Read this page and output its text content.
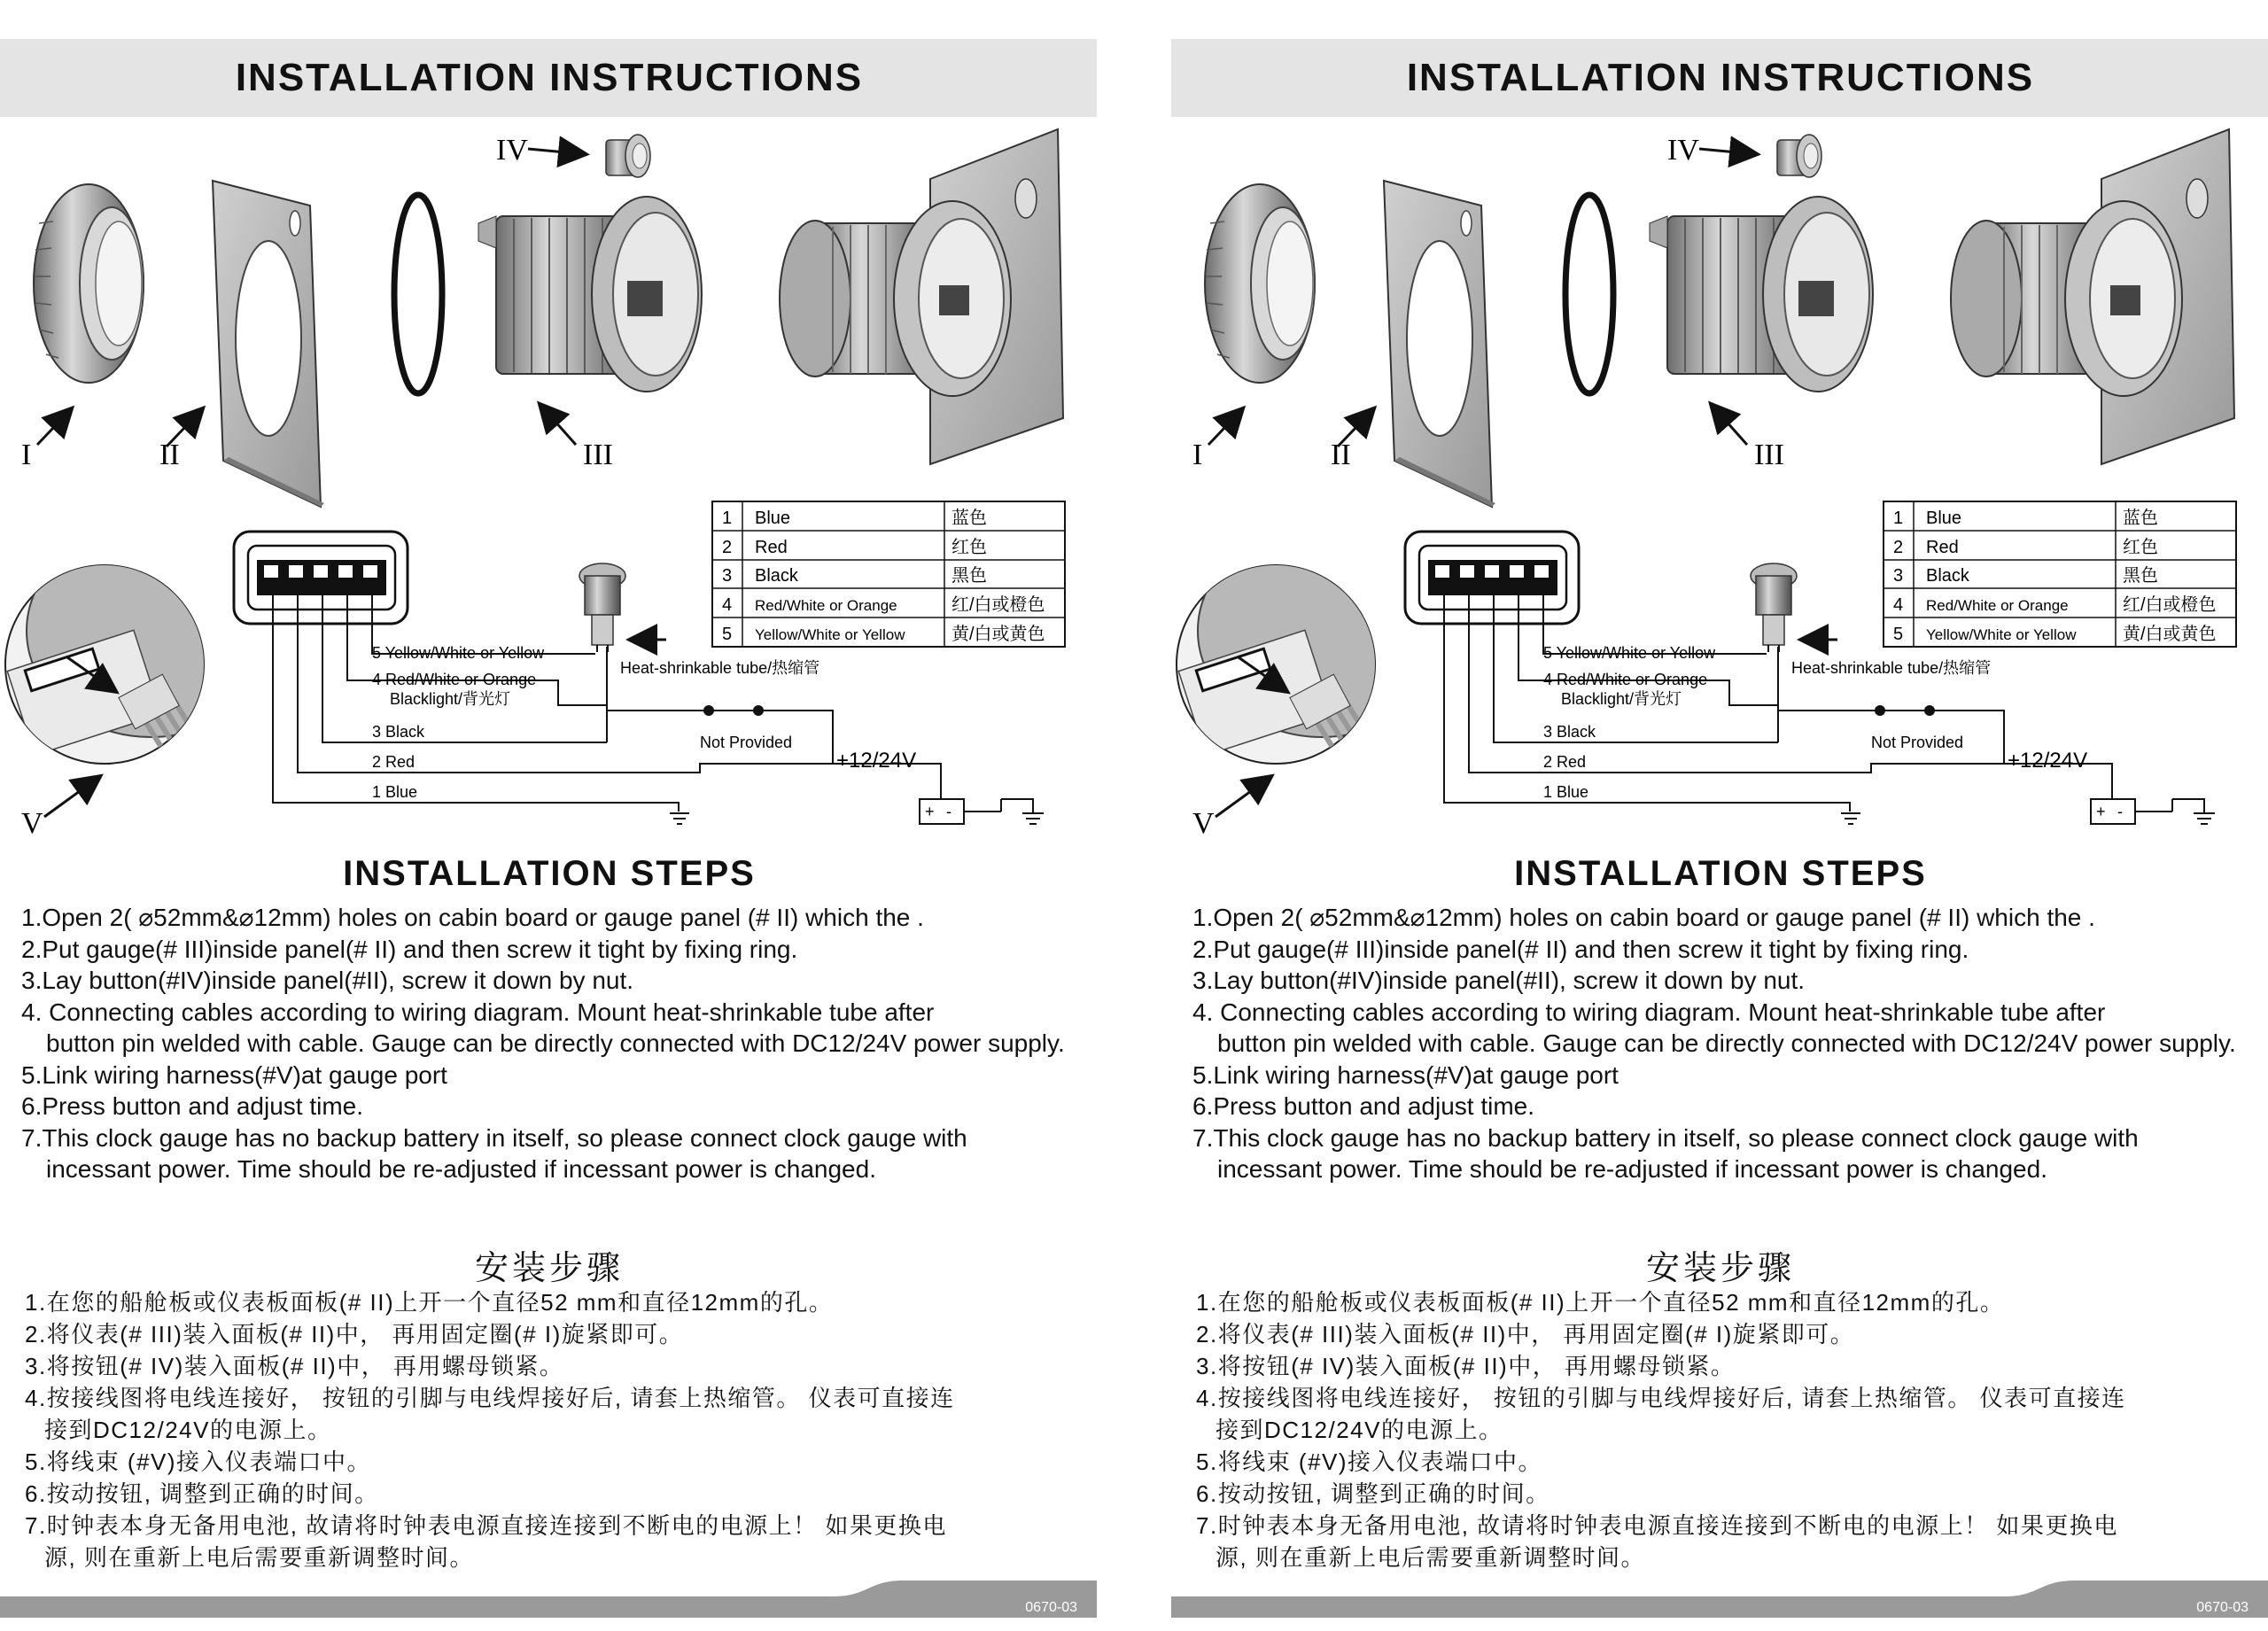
INSTALLATION INSTRUCTIONS
I	II	III
IV
V	+ -
5 Yellow/White or Yellow
4 Red/White or Orange
Blacklight/背光灯
3 Black
2 Red
1 Blue
Heat-shrinkable tube/热缩管
Not Provided
+12/24V
1 Blue	蓝色
2 Red	红色
3 Black	黑色
4 Red/White or Orange	红/白或橙色
5 Yellow/White or Yellow	黄/白或黄色
INSTALLATION STEPS
1.Open 2( ⌀52mm&⌀12mm) holes on cabin board or gauge panel (# II) which the .
2.Put gauge(# III)inside panel(# II) and then screw it tight by fixing ring.
3.Lay button(#IV)inside panel(#II), screw it down by nut.
4. Connecting cables according to wiring diagram. Mount heat-shrinkable tube after
button pin welded with cable. Gauge can be directly connected with DC12/24V power supply.
5.Link wiring harness(#V)at gauge port
6.Press button and adjust time.
7.This clock gauge has no backup battery in itself, so please connect clock gauge with
incessant power. Time should be re-adjusted if incessant power is changed.
安装步骤
1.在您的船舱板或仪表板面板(# II)上开一个直径52 mm和直径12mm的孔。
2.将仪表(# III)装入面板(# II)中， 再用固定圈(# I)旋紧即可。
3.将按钮(# IV)装入面板(# II)中， 再用螺母锁紧。
4.按接线图将电线连接好， 按钮的引脚与电线焊接好后, 请套上热缩管。 仪表可直接连
接到DC12/24V的电源上。
5.将线束 (#V)接入仪表端口中。
6.按动按钮, 调整到正确的时间。
7.时钟表本身无备用电池, 故请将时钟表电源直接连接到不断电的电源上！ 如果更换电
源, 则在重新上电后需要重新调整时间。
0670-03
INSTALLATION INSTRUCTIONS
I	II	III
IV
V	+ -
5 Yellow/White or Yellow
4 Red/White or Orange
Blacklight/背光灯
3 Black
2 Red
1 Blue
Heat-shrinkable tube/热缩管
Not Provided
+12/24V
1 Blue	蓝色
2 Red	红色
3 Black	黑色
4 Red/White or Orange	红/白或橙色
5 Yellow/White or Yellow	黄/白或黄色
INSTALLATION STEPS
1.Open 2( ⌀52mm&⌀12mm) holes on cabin board or gauge panel (# II) which the .
2.Put gauge(# III)inside panel(# II) and then screw it tight by fixing ring.
3.Lay button(#IV)inside panel(#II), screw it down by nut.
4. Connecting cables according to wiring diagram. Mount heat-shrinkable tube after
button pin welded with cable. Gauge can be directly connected with DC12/24V power supply.
5.Link wiring harness(#V)at gauge port
6.Press button and adjust time.
7.This clock gauge has no backup battery in itself, so please connect clock gauge with
incessant power. Time should be re-adjusted if incessant power is changed.
安装步骤
1.在您的船舱板或仪表板面板(# II)上开一个直径52 mm和直径12mm的孔。
2.将仪表(# III)装入面板(# II)中， 再用固定圈(# I)旋紧即可。
3.将按钮(# IV)装入面板(# II)中， 再用螺母锁紧。
4.按接线图将电线连接好， 按钮的引脚与电线焊接好后, 请套上热缩管。 仪表可直接连
接到DC12/24V的电源上。
5.将线束 (#V)接入仪表端口中。
6.按动按钮, 调整到正确的时间。
7.时钟表本身无备用电池, 故请将时钟表电源直接连接到不断电的电源上！ 如果更换电
源, 则在重新上电后需要重新调整时间。
0670-03
